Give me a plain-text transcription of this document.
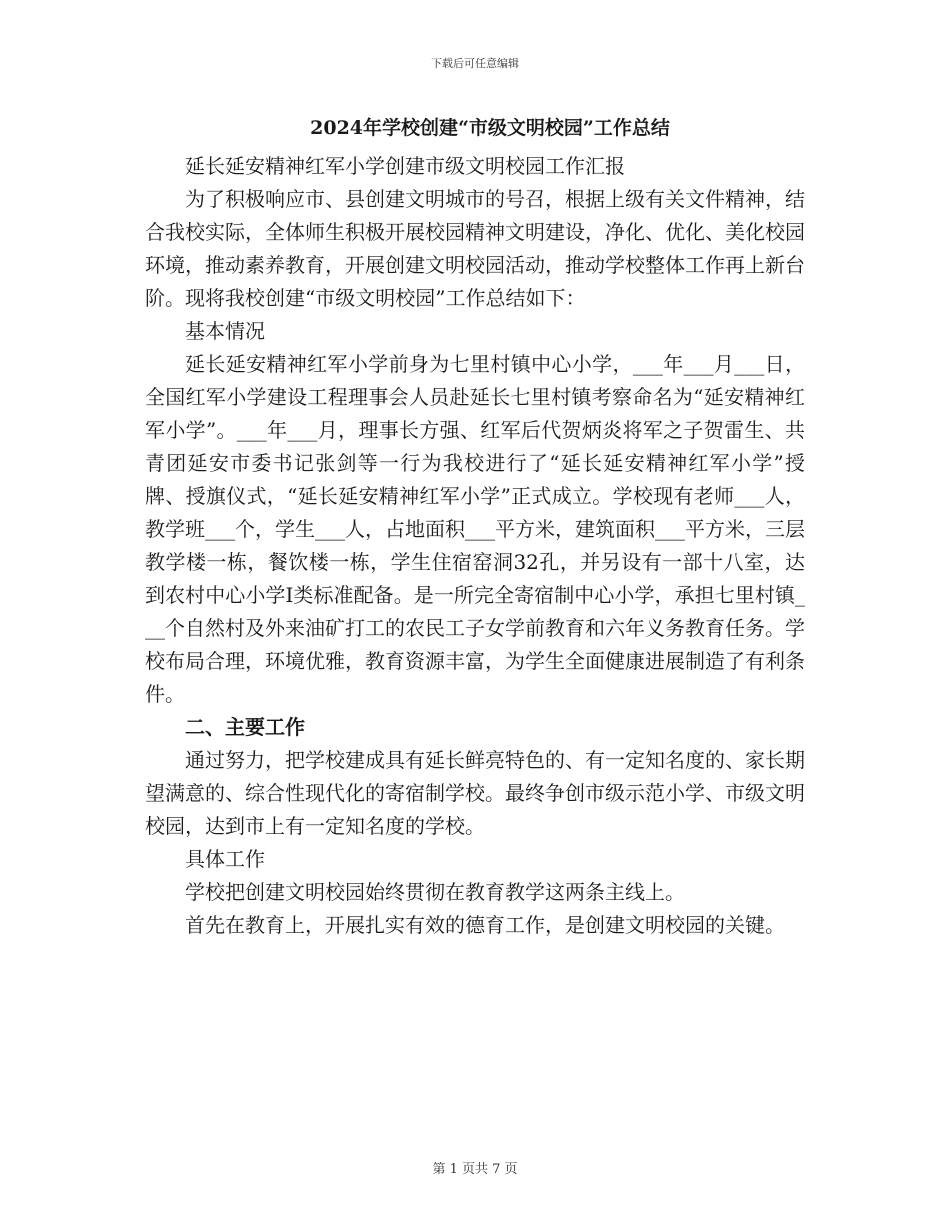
下载后可任意编辑
2024年学校创建“市级文明校园”工作总结

延长延安精神红军小学创建市级文明校园工作汇报

为了积极响应市、县创建文明城市的号召，根据上级有关文件精神，结合我校实际，全体师生积极开展校园精神文明建设，净化、优化、美化校园环境，推动素养教育，开展创建文明校园活动，推动学校整体工作再上新台阶。现将我校创建“市级文明校园”工作总结如下：

基本情况

延长延安精神红军小学前身为七里村镇中心小学，___年___月___日，全国红军小学建设工程理事会人员赴延长七里村镇考察命名为“延安精神红军小学”。___年___月，理事长方强、红军后代贺炳炎将军之子贺雷生、共青团延安市委书记张剑等一行为我校进行了“延长延安精神红军小学”授牌、授旗仪式，“延长延安精神红军小学”正式成立。学校现有老师___人，教学班___个，学生___人，占地面积___平方米，建筑面积___平方米，三层教学楼一栋，餐饮楼一栋，学生住宿窑洞32孔，并另设有一部十八室，达到农村中心小学Ⅰ类标准配备。是一所完全寄宿制中心小学，承担七里村镇___个自然村及外来油矿打工的农民工子女学前教育和六年义务教育任务。学校布局合理，环境优雅，教育资源丰富，为学生全面健康进展制造了有利条件。

二、主要工作

通过努力，把学校建成具有延长鲜亮特色的、有一定知名度的、家长期望满意的、综合性现代化的寄宿制学校。最终争创市级示范小学、市级文明校园，达到市上有一定知名度的学校。

具体工作

学校把创建文明校园始终贯彻在教育教学这两条主线上。

首先在教育上，开展扎实有效的德育工作，是创建文明校园的关键。

第 1 页共 7 页
